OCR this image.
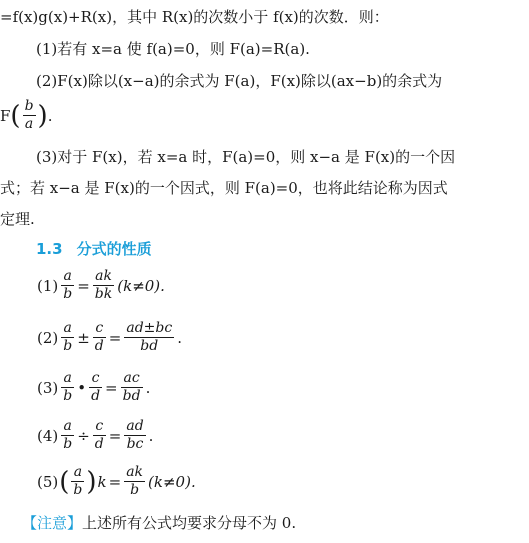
=f(x)g(x)+R(x)，其中 R(x)的次数小于 f(x)的次数．则：
(1)若有 x=a 使 f(a)=0，则 F(a)=R(a).
(2)F(x)除以(x−a)的余式为 F(a)，F(x)除以(ax−b)的余式为
F ( $\frac{b}{a}$ ) .
(3)对于 F(x)，若 x=a 时，F(a)=0，则 x−a 是 F(x)的一个因
式；若 x−a 是 F(x)的一个因式，则 F(a)=0，也将此结论称为因式
定理.
1.3 分式的性质
$(1) \frac{a}{b} = \frac{ak}{bk} (k\ne 0)$.
$(2) \frac{a}{b} \pm \frac{c}{d} = \frac{ad\pm bc}{bd}$ .
$(3) \frac{a}{b}$ • $\frac{c}{d} = \frac{ac}{bd}$ .
$(4) \frac{a}{b} \div \frac{c}{d} = \frac{ad}{bc}$ .
(5) ( $\frac{a}{b}$ ) $k = \frac{ak}{b} (k\ne 0)$.
【注意】上述所有公式均要求分母不为 0.
